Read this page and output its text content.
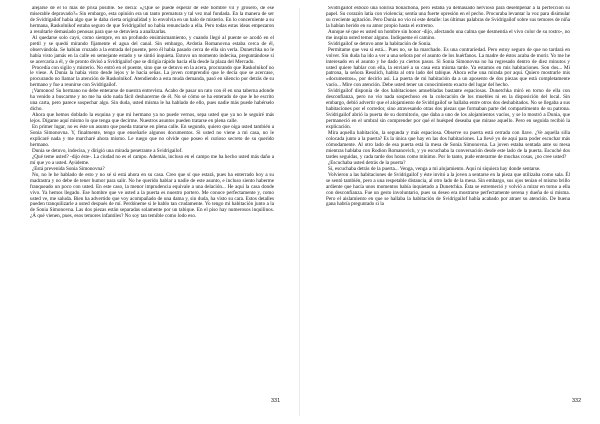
alejarse de él lo más de prisa posible. Se decía: «¿Qué se puede esperar de este hombre vil y grosero, de ese miserable depravado?» Sin embargo, esta opinión era un tanto prematura y tal vez mal fundada. En la manera de ser de Svidrigailof había algo que le daba cierta originalidad y lo envolvía en un halo de misterio. En lo concerniente a su hermana, Raskolnikof estaba seguro de que Svidrigailof no había renunciado a ella. Pero todas estas ideas empezaron a resultarle demasiado penosas para que se detuviera a analizarlas.

Al quedarse solo cayó, como siempre, en un profundo ensimismamiento, y cuando llegó al puente se acodó en el pretil y se quedó mirando fijamente el agua del canal. Sin embargo, Avdotia Romanovna estaba cerca de él, observándola. Se habían cruzado a la entrada del puente, pero él había pasado cerca de ella sin verla. Dunetchka no le había visto jamás en la calle en semejante estado y se sintió inquieta. Estuvo un momento indecisa, preguntándose si se acercaría a él, y de pronto divisó a Svidrigailof que se dirigía rápido hacia ella desde la plaza del Mercado.

Procedía con sigilo y misterio. No entró en el puente, sino que se detuvo en la acera, procurando que Raskolnikof no le viese. A Dunia la había visto desde lejos y le hacía señas. La joven comprendió que le decía que se acercase, procurando no llamar la atención de Raskolnikof. Atendiendo a esta muda demanda, pasó en silencio por detrás de su hermano y fue a reunirse con Svidrigailof.

¡Vamonos! Su hermano no debe enterarse de nuestra entrevista. Acabo de pasar un rato con él en una taberna adonde ha venido a buscarme y no me ha sido nada fácil deshacerme de él. No sé cómo se ha enterado de que le he escrito una carta, pero parece sospechar algo. Sin duda, usted misma le ha hablado de ello, pues nadie más puede habérselo dicho.

Ahora que hemos doblado la esquina y que mi hermano ya no puede vernos, sepa usted que ya no le seguiré más lejos. Dígame aquí mismo lo que tenga que decirme. Nuestros asuntos pueden tratarse en plena calle.

En primer lugar, no es éste un asunto que pueda tratarse en plena calle. En segundo, quiero que oiga usted también a Sonia Simonovna. Y, finalmente, tengo que enseñarle algunos documentos. Si usted no viene a mi casa, no le explicaré nada y me marcharé ahora mismo. Le ruego que no olvide que poseo el curioso secreto de su querido hermano.

Dunia se detuvo, indecisa, y dirigió una mirada penetrante a Svidrigailof.

¿Qué teme usted? -dijo éste-. La ciudad no es el campo. Además, incluso en el campo me ha hecho usted más daño a mí que yo a usted. Ayúdeme.

¿Está prevenida Sonia Simonovna?

No, no le he hablado de esto y no sé si está ahora en su casa. Creo que sí que estará, pues ha enterrado hoy a su madrastra y no debe de tener humor para salir. No he querido hablar a nadie de este asunto, e incluso siento haberme franqueado un poco con usted. En este caso, la menor imprudencia equivale a una delación... He aquí la casa donde vivo. Ya hemos llegado. Ese hombre que ve usted a la puerta es nuestro portero. Me conoce perfectamente y, como usted ve, me saluda. Bien ha advertido que voy acompañado de una dama y, sin duda, ha visto su cara. Estos detalles pueden tranquilizarle a usted después de mí. Perdóneme si le hablo tan crudamente. Yo tengo mi habitación junto a la de Sonia Simonovna. Las dos piezas están separadas solamente por un tabique. En el piso hay numerosos inquilinos. ¿Á qué vienen, pues, esos temores infantiles? No soy tan temible como lodo eso.

331

Svidrigailof esbozó una sonrisa bonachona, pero estaba ya demasiado nervioso para desempeñar a la perfección su papel. Su corazón latía con violencia; sentía una fuerte opresión en el pecho. Procuraba levantar la voz para disimular su creciente agitación. Pero Dunia no vio ni este detalle: las últimas palabras de Svidrigailof sobre sus temores de niña la habían herido en su amor propio hasta el extremo.

Aunque sé que es usted un hombre sin honor -dijo, afectando una calma que desmentía el vivo color de su rostro-, no me inspira usted temor alguno. Indíqueme el camino.

Svidrigailof se detuvo ante la habitación de Sonia.

Permítame que vea si está... Pues no, se ha marchado. Es una contrariedad. Pero estoy seguro de que no tardará en volver. Sin duda ha ido a ver a una señora por el asunto de los huérfanos. La madre de éstos acaba de morir. Yo me he interesado en el asunto y he dado ya ciertos pasos. Si Sonia Simonovna no ha regresado dentro de diez minutos y usted quiere hablar con ella, la enviaré a su casa esta misma tarde. Ya estamos en mis habitaciones. Son dos... Mi patrona, la señora Resslich, habita al otro lado del tabique. Ahora eche una mirada por aquí. Quiero mostrarle mis «documentos», por decirlo así. La puerta de mi habitación da a un aposento de dos piezas que está completamente vacío... Mire con atención. Debe usted tener un conocimiento exacto del lugar del hecho.

Svidrigailof disponía de dos habitaciones amuebladas bastante espaciosas. Dunetchka miró en torno de ella con desconfianza, pero no vio nada sospechoso en la colocación de los muebles ni en la disposición del local. Sin embargo, debió advertir que el alojamiento de Svidrigailof se hallaba entre otros dos deshabitados. No se llegaba a sus habitaciones por el corredor, sino atravesando otras dos piezas que formaban parte del compartimento de su patrona. Svidrigailof abrió la puerta de su dormitorio, que daba a uno de los alojamientos vacíos, y se lo mostró a Dunia, que permaneció en el umbral sin comprender por qué el huésped deseaba que mirase aquello. Pero en seguida recibió la explicación.

Mira aquella habitación, la segunda y más espaciosa. Observe su puerta está cerrada con llave. ¿Ve aquella silla colocada junto a la puerta? Es la única que hay en las dos habitaciones. La llevé yo de aquí para poder escuchar más cómodamente. Al otro lado de esa puerta está la mesa de Sonia Simonovna. La joven estaba sentada ante su mesa mientras hablaba con Rodion Romanovich, y yo escuchaba la conversación desde este lado de la puerta. Escuché dos tardes seguidas, y cada tarde dos horas como mínimo. Por lo tanto, pude enterarme de muchas cosas, ¿no cree usted?

¿Escuchaba usted detrás de la puerta?

Sí, escuchaba detrás de la puerta... Venga, venga a mi alojamiento. Aquí ni siquiera hay donde sentarse.

Volvieron a las habitaciones de Svidrigailof y éste invitó a la joven a sentarse en la pieza que utilizaba como sala. Él se sentó también, pero a una respetable distancia, al otro lado de la mesa. Sin embargo, sus ojos tenían el mismo brillo ardiente que hacía unos momentos había inquietado a Dunetchka. Ésta se estremeció y volvió a mirar en torno a ella con desconfianza. Fue un gesto involuntario, pues su deseo era mostrarse perfectamente serena y dueña de sí misma. Pero el aislamiento en que se hallaba la habitación de Svidrigailof había acabado por atraer su atención. De buena gana habría preguntado si la

332
